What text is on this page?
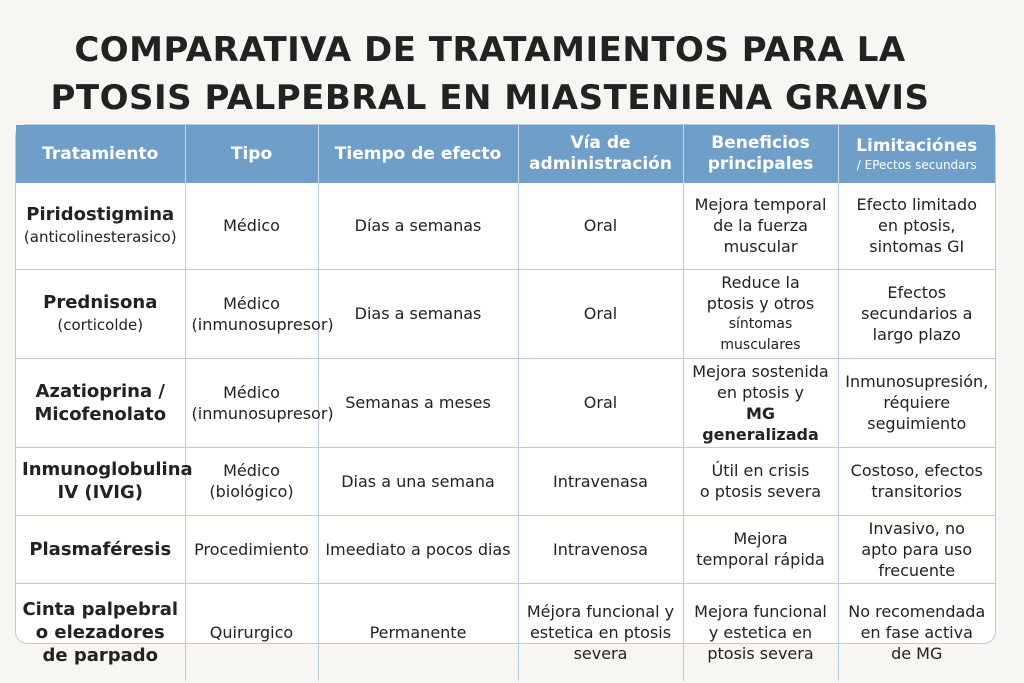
COMPARATIVA DE TRATAMIENTOS PARA LA
PTOSIS PALPEBRAL EN MIASTENIENA GRAVIS
Tratamiento	Tipo	Tiempo de efecto	Vía de
administración	Beneficios
principales	Limitaciónes
/ EPectos secundars

Piridostigmina
(anticolinesterasico)	Médico	Días a semanas	Oral	Mejora temporal
de la fuerza
muscular	Efecto limitado
en ptosis,
sintomas GI

Prednisona
(corticolde)	Médico
(inmunosupresor)	Dias a semanas	Oral	Reduce la
ptosis y otros
síntomas musculares	Efectos
secundarios a
largo plazo

Azatioprina /
Micofenolato	Médico
(inmunosupresor)	Semanas a meses	Oral	Mejora sostenida
en ptosis y
MG generalizada	Inmunosupresión,
réquiere
seguimiento

Inmunoglobulina
IV (IVIG)	Médico
(biológico)	Dias a una semana	Intravenasa	Útil en crisis
o ptosis severa	Costoso, efectos
transitorios

Plasmaféresis	Procedimiento	Imeediato a pocos dias	Intravenosa	Mejora
temporal rápida	Invasivo, no
apto para uso
frecuente

Cinta palpebral
o elezadores de parpado	Quirurgico	Permanente	Méjora funcional y estetica en ptosis severa	Mejora funcional
y estetica en
ptosis severa	No recomendada
en fase activa
de MG
